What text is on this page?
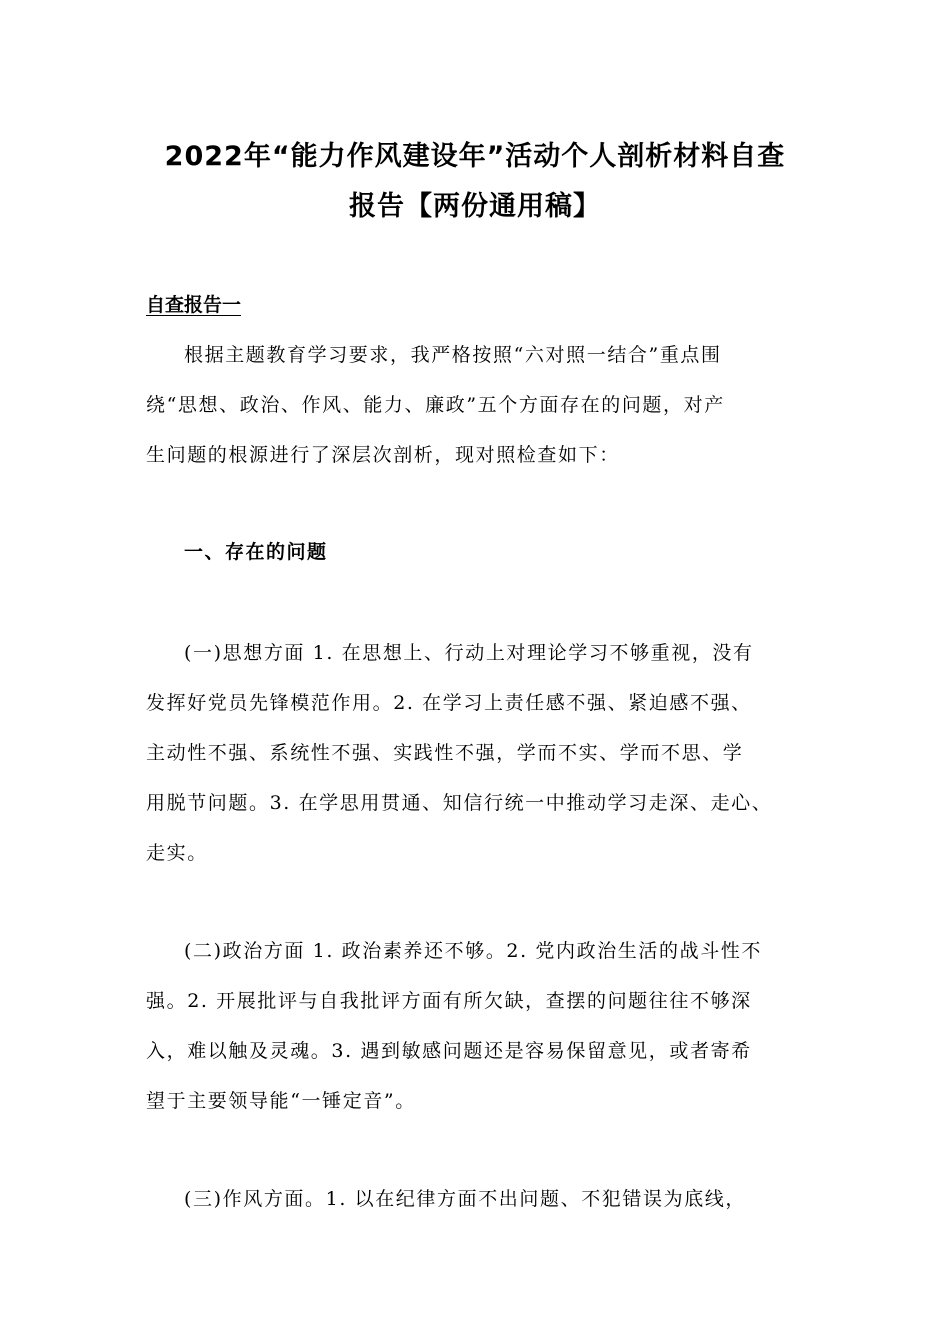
2022年“能力作风建设年”活动个人剖析材料自查
报告【两份通用稿】
自查报告一
根据主题教育学习要求，我严格按照“六对照一结合”重点围
绕“思想、政治、作风、能力、廉政”五个方面存在的问题，对产
生问题的根源进行了深层次剖析，现对照检查如下：
一、存在的问题
(一)思想方面 1. 在思想上、行动上对理论学习不够重视，没有
发挥好党员先锋模范作用。2. 在学习上责任感不强、紧迫感不强、
主动性不强、系统性不强、实践性不强，学而不实、学而不思、学
用脱节问题。3. 在学思用贯通、知信行统一中推动学习走深、走心、
走实。
(二)政治方面 1. 政治素养还不够。2. 党内政治生活的战斗性不
强。2. 开展批评与自我批评方面有所欠缺，查摆的问题往往不够深
入，难以触及灵魂。3. 遇到敏感问题还是容易保留意见，或者寄希
望于主要领导能“一锤定音”。
(三)作风方面。1. 以在纪律方面不出问题、不犯错误为底线，
